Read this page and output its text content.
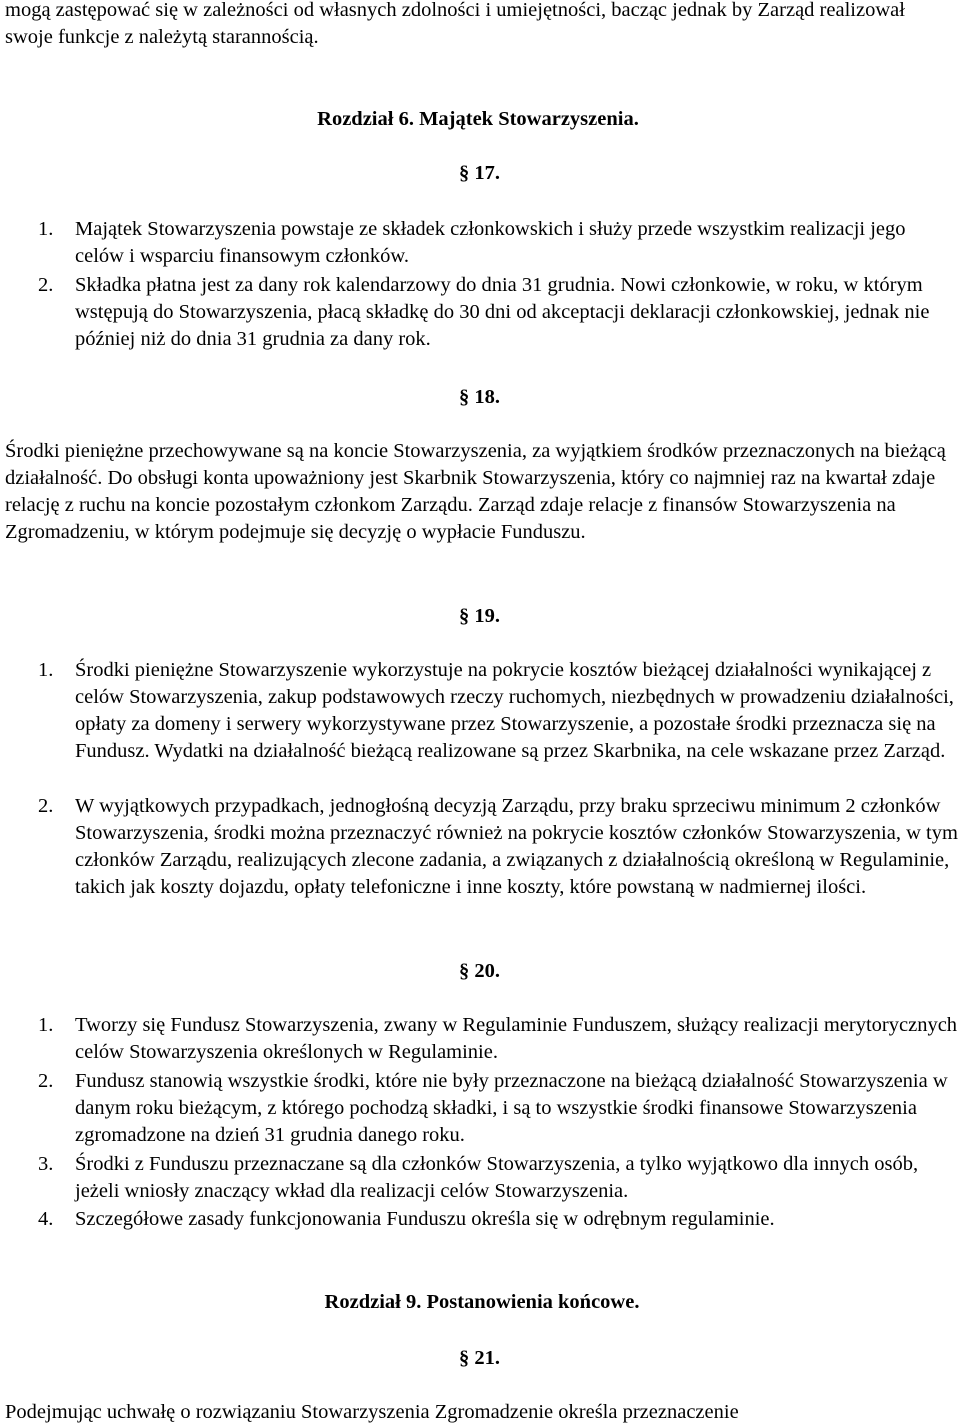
mogą zastępować się w zależności od własnych zdolności i umiejętności, bacząc jednak by Zarząd realizował swoje funkcje z należytą starannością.
Rozdział 6. Majątek Stowarzyszenia.
§ 17.
1.	Majątek Stowarzyszenia powstaje ze składek członkowskich i służy przede wszystkim realizacji jego celów i wsparciu finansowym członków.
2.	Składka płatna jest za dany rok kalendarzowy do dnia 31 grudnia. Nowi członkowie, w roku, w którym wstępują do Stowarzyszenia, płacą składkę do 30 dni od akceptacji deklaracji członkowskiej, jednak nie później niż do dnia 31 grudnia za dany rok.
§ 18.
Środki pieniężne przechowywane są na koncie Stowarzyszenia, za wyjątkiem środków przeznaczonych na bieżącą działalność. Do obsługi konta upoważniony jest Skarbnik Stowarzyszenia, który co najmniej raz na kwartał zdaje relację z ruchu na koncie pozostałym członkom Zarządu. Zarząd zdaje relacje z finansów Stowarzyszenia na Zgromadzeniu, w którym podejmuje się decyzję o wypłacie Funduszu.
§ 19.
1.	Środki pieniężne Stowarzyszenie wykorzystuje na pokrycie kosztów bieżącej działalności wynikającej z celów Stowarzyszenia, zakup podstawowych rzeczy ruchomych, niezbędnych w prowadzeniu działalności, opłaty za domeny i serwery wykorzystywane przez Stowarzyszenie, a pozostałe środki przeznacza się na Fundusz. Wydatki na działalność bieżącą realizowane są przez Skarbnika, na cele wskazane przez Zarząd.
2.	W wyjątkowych przypadkach, jednogłośną decyzją Zarządu, przy braku sprzeciwu minimum 2 członków Stowarzyszenia, środki można przeznaczyć również na pokrycie kosztów członków Stowarzyszenia, w tym członków Zarządu, realizujących zlecone zadania, a związanych z działalnością określoną w Regulaminie, takich jak koszty dojazdu, opłaty telefoniczne i inne koszty, które powstaną w nadmiernej ilości.
§ 20.
1.	Tworzy się Fundusz Stowarzyszenia, zwany w Regulaminie Funduszem, służący realizacji merytorycznych celów Stowarzyszenia określonych w Regulaminie.
2.	Fundusz stanowią wszystkie środki, które nie były przeznaczone na bieżącą działalność Stowarzyszenia w danym roku bieżącym, z którego pochodzą składki, i są to wszystkie środki finansowe Stowarzyszenia zgromadzone na dzień 31 grudnia danego roku.
3.	Środki z Funduszu przeznaczane są dla członków Stowarzyszenia, a tylko wyjątkowo dla innych osób, jeżeli wniosły znaczący wkład dla realizacji celów Stowarzyszenia.
4.	Szczegółowe zasady funkcjonowania Funduszu określa się w odrębnym regulaminie.
Rozdział 9. Postanowienia końcowe.
§ 21.
Podejmując uchwałę o rozwiązaniu Stowarzyszenia Zgromadzenie określa przeznaczenie
